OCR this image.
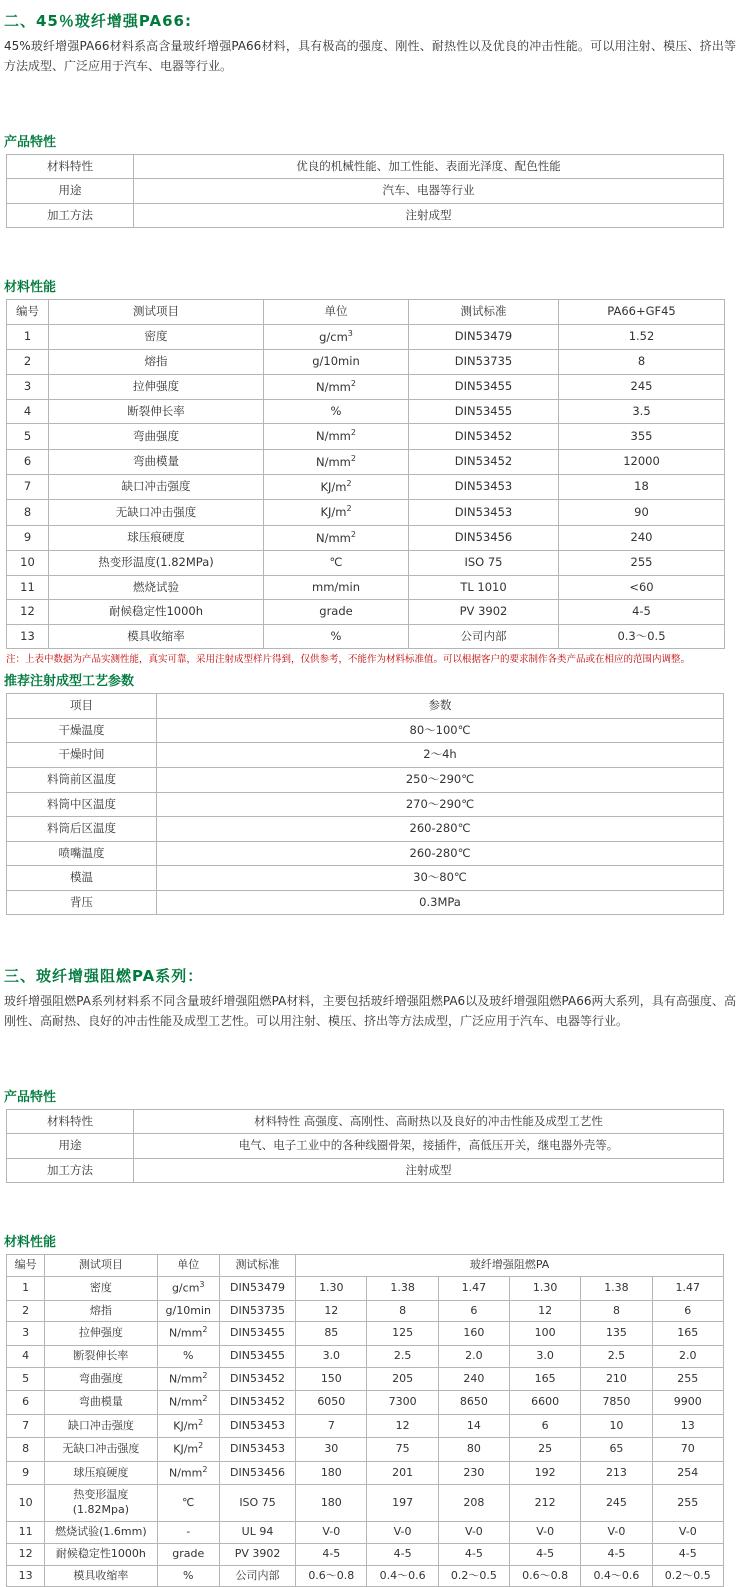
二、45％玻纤增强PA66:

45%玻纤增强PA66材料系高含量玻纤增强PA66材料，具有极高的强度、刚性、耐热性以及优良的冲击性能。可以用注射、模压、挤出等方法成型、广泛应用于汽车、电器等行业。

产品特性
材料特性	优良的机械性能、加工性能、表面光泽度、配色性能
用途	汽车、电器等行业
加工方法	注射成型
材料性能
编号	测试项目	单位	测试标准	PA66+GF45
1	密度	$g/cm^3$	DIN53479	1.52
2	熔指	g/10min	DIN53735	8
3	拉伸强度	$N/mm^2$	DIN53455	245
4	断裂伸长率	%	DIN53455	3.5
5	弯曲强度	$N/mm^2$	DIN53452	355
6	弯曲模量	$N/mm^2$	DIN53452	12000
7	缺口冲击强度	$KJ/m^2$	DIN53453	18
8	无缺口冲击强度	$KJ/m^2$	DIN53453	90
9	球压痕硬度	$N/mm^2$	DIN53456	240
10	热变形温度(1.82MPa)	℃	ISO 75	255
11	燃烧试验	mm/min	TL 1010	<60
12	耐候稳定性1000h	grade	PV 3902	4-5
13	模具收缩率	%	公司内部	0.3～0.5

注：上表中数据为产品实测性能，真实可靠，采用注射成型样片得到，仅供参考，不能作为材料标准值。可以根据客户的要求制作各类产品或在相应的范围内调整。

推荐注射成型工艺参数
项目	参数
干燥温度	80～100℃
干燥时间	2～4h
料筒前区温度	250～290℃
料筒中区温度	270～290℃
料筒后区温度	260-280℃
喷嘴温度	260-280℃
模温	30～80℃
背压	0.3MPa
三、玻纤增强阻燃PA系列：

玻纤增强阻燃PA系列材料系不同含量玻纤增强阻燃PA材料，主要包括玻纤增强阻燃PA6以及玻纤增强阻燃PA66两大系列，具有高强度、高刚性、高耐热、良好的冲击性能及成型工艺性。可以用注射、模压、挤出等方法成型，广泛应用于汽车、电器等行业。

产品特性
材料特性	材料特性 高强度、高刚性、高耐热以及良好的冲击性能及成型工艺性
用途	电气、电子工业中的各种线圈骨架，接插件，高低压开关，继电器外壳等。
加工方法	注射成型
材料性能
编号	测试项目	单位	测试标准	玻纤增强阻燃PA					
1	密度	$g/cm^3$	DIN53479	1.30	1.38	1.47	1.30	1.38	1.47
2	熔指	g/10min	DIN53735	12	8	6	12	8	6
3	拉伸强度	$N/mm^2$	DIN53455	85	125	160	100	135	165
4	断裂伸长率	%	DIN53455	3.0	2.5	2.0	3.0	2.5	2.0
5	弯曲强度	$N/mm^2$	DIN53452	150	205	240	165	210	255
6	弯曲模量	$N/mm^2$	DIN53452	6050	7300	8650	6600	7850	9900
7	缺口冲击强度	$KJ/m^2$	DIN53453	7	12	14	6	10	13
8	无缺口冲击强度	$KJ/m^2$	DIN53453	30	75	80	25	65	70
9	球压痕硬度	$N/mm^2$	DIN53456	180	201	230	192	213	254
10	热变形温度(1.82Mpa)	℃	ISO 75	180	197	208	212	245	255
11	燃烧试验(1.6mm)	-	UL 94	V-0	V-0	V-0	V-0	V-0	V-0
12	耐候稳定性1000h	grade	PV 3902	4-5	4-5	4-5	4-5	4-5	4-5
13	模具收缩率	%	公司内部	0.6～0.8	0.4～0.6	0.2～0.5	0.6～0.8	0.4～0.6	0.2～0.5
